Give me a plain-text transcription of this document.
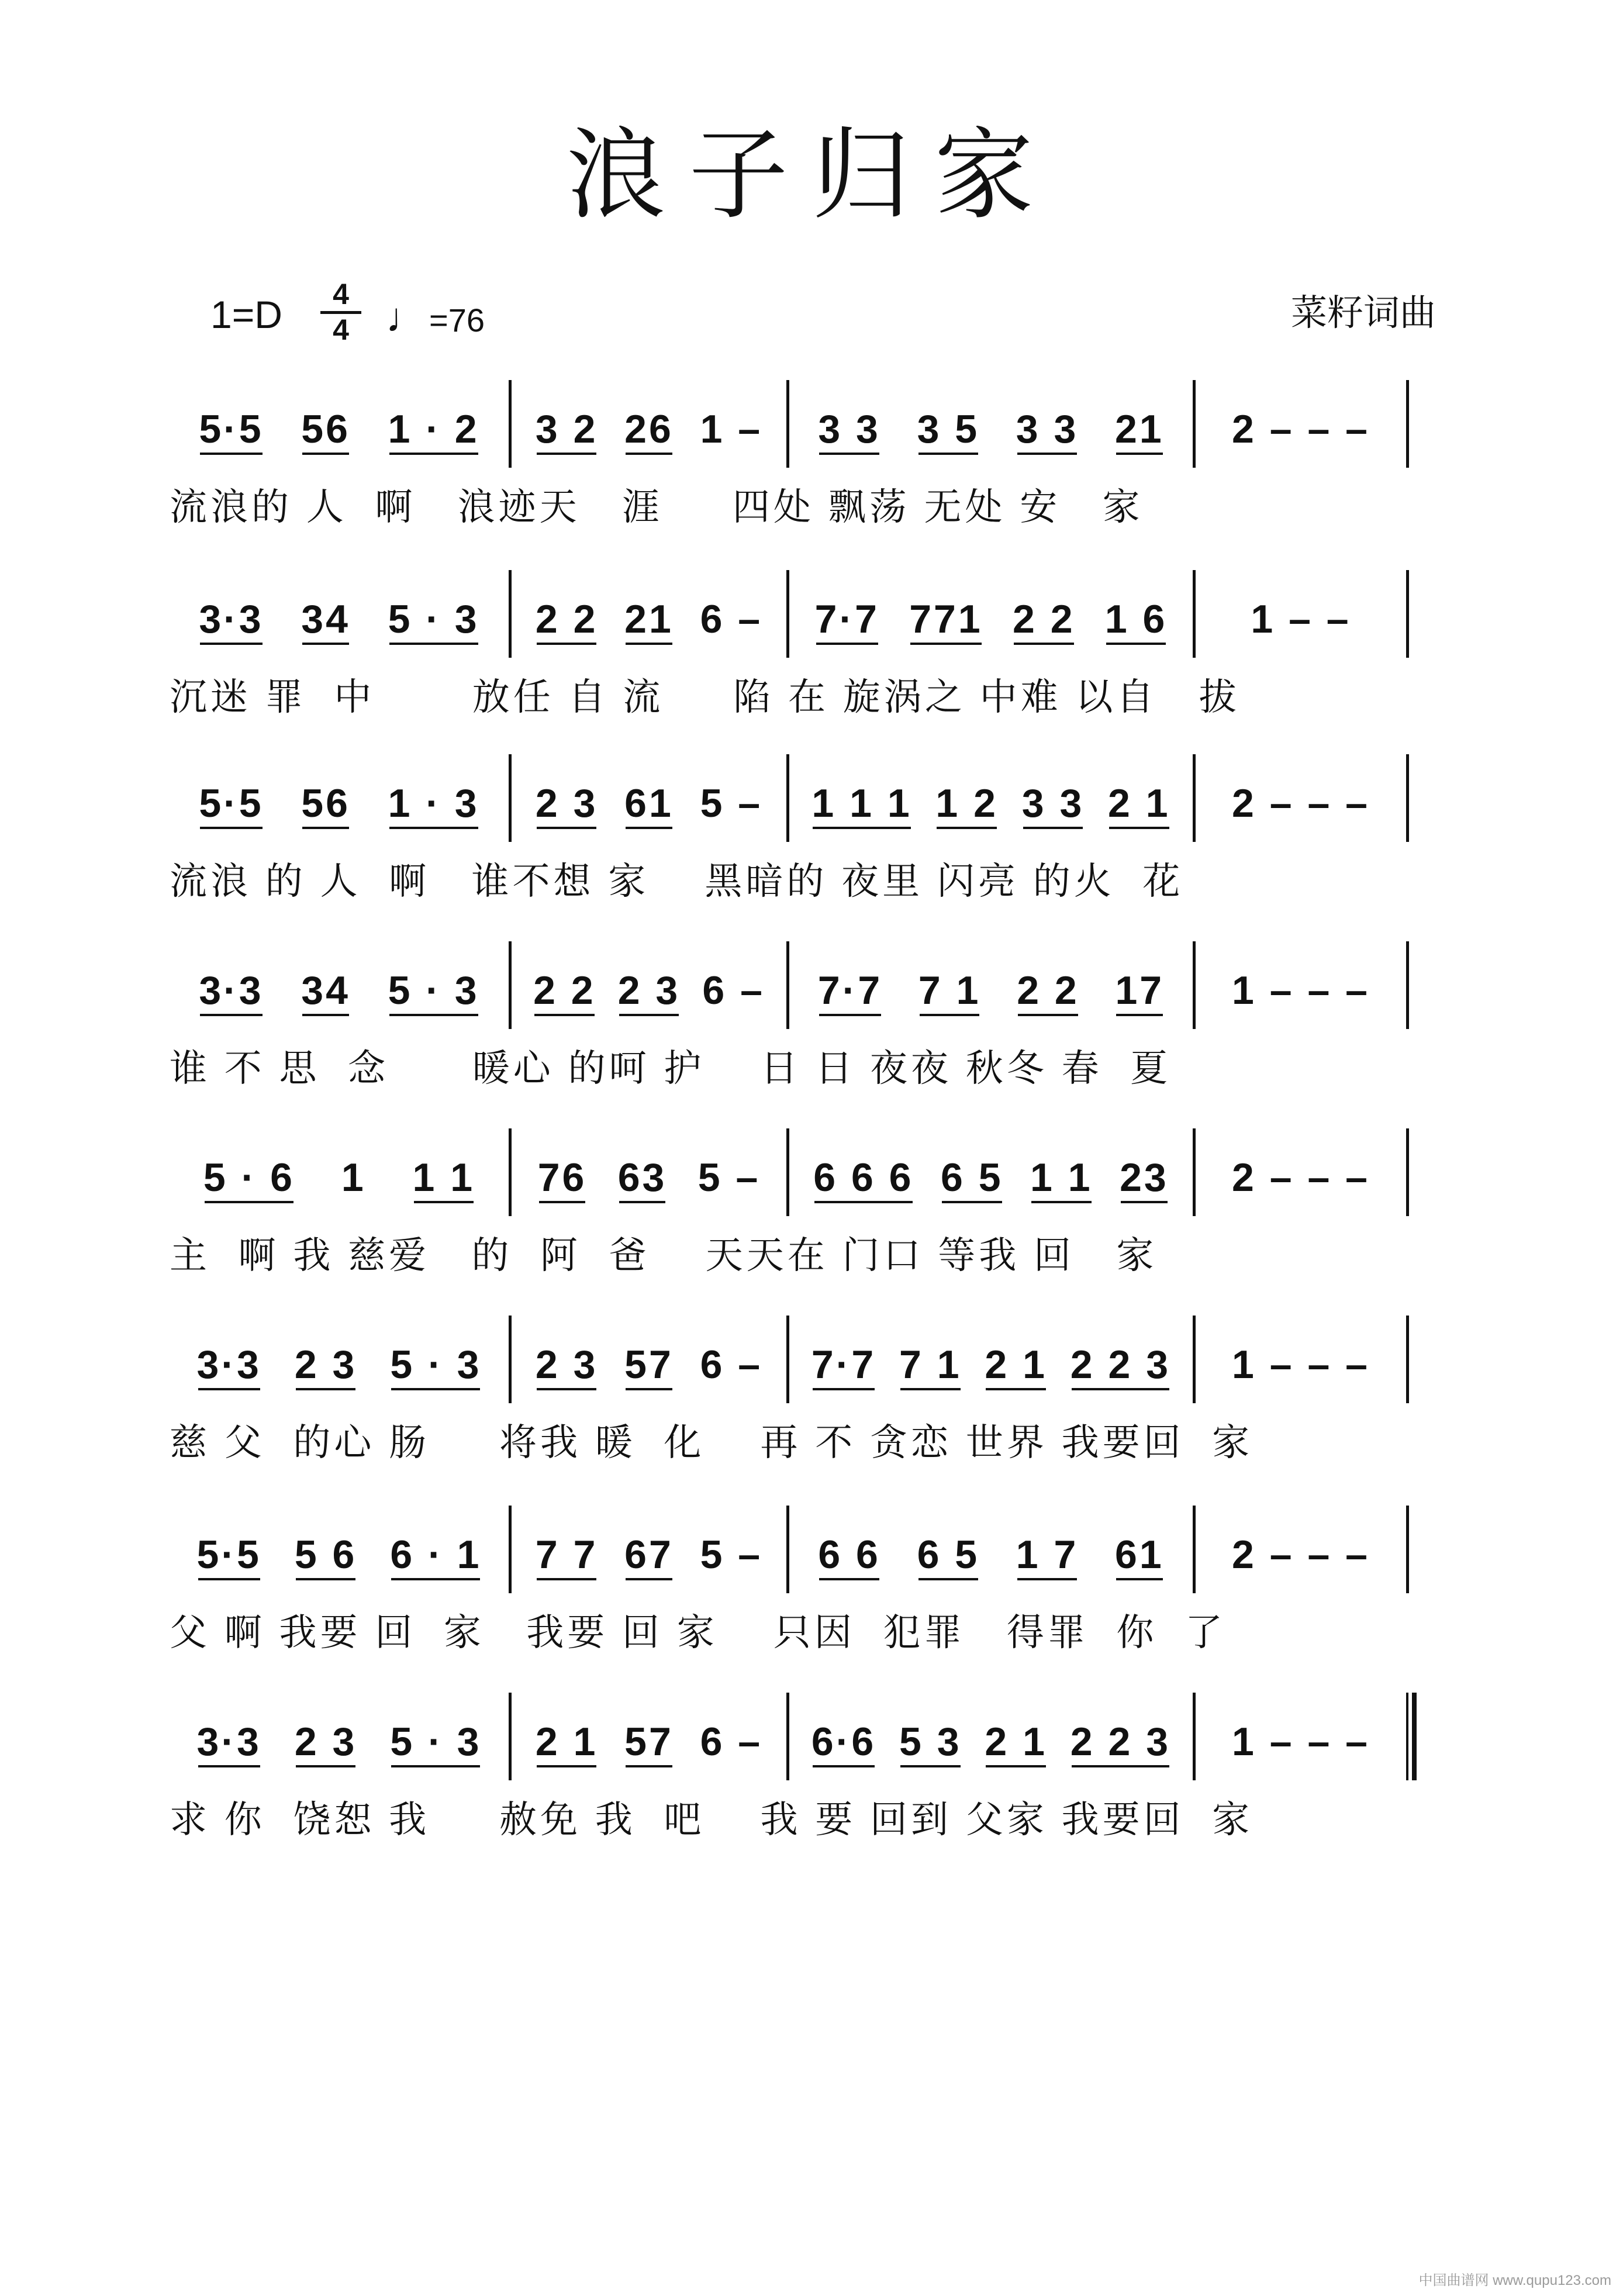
浪子归家
$1=D \frac{4}{4}$ ♩=76	菜籽词曲
5·5 56 1 · 2 3 2 26 1 – 3 3 3 5 3 3 21 2 – – –
流浪的 人  啊   浪迹天   涯     四处 飘荡 无处 安   家
3·3 34 5 · 3 2 2 21 6 – 7·7 771 2 2 1 6 1 – –
沉迷 罪  中       放任 自 流     陷 在 旋涡之 中难 以自   拔
5·5 56 1 · 3 2 3 61 5 – 1 1 1 1 2 3 3 2 1 2 – – –
流浪 的 人  啊   谁不想 家    黑暗的 夜里 闪亮 的火  花
3·3 34 5 · 3 2 2 2 3 6 – 7·7 7 1 2 2 17 1 – – –
谁 不 思  念      暖心 的呵 护    日 日 夜夜 秋冬 春  夏
5 · 6 1 1 1 76 63 5 – 6 6 6 6 5 1 1 23 2 – – –
主  啊 我 慈爱   的  阿  爸    天天在 门口 等我 回   家
3·3 2 3 5 · 3 2 3 57 6 – 7·7 7 1 2 1 2 2 3 1 – – –
慈 父  的心 肠     将我 暖  化    再 不 贪恋 世界 我要回  家
5·5 5 6 6 · 1 7 7 67 5 – 6 6 6 5 1 7 61 2 – – –
父 啊 我要 回  家   我要 回 家    只因  犯罪   得罪  你  了
3·3 2 3 5 · 3 2 1 57 6 – 6·6 5 3 2 1 2 2 3 1 – – –
求 你  饶恕 我     赦免 我  吧    我 要 回到 父家 我要回  家
中国曲谱网 www.qupu123.com
